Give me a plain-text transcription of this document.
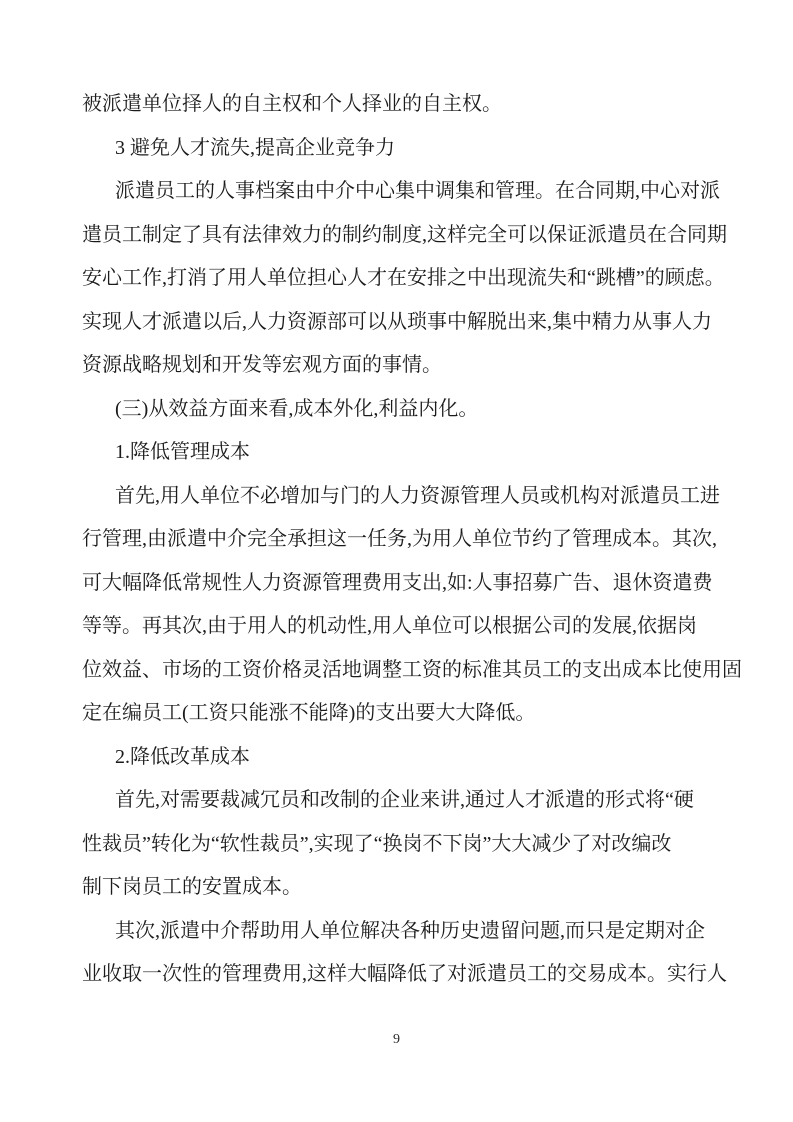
被派遣单位择人的自主权和个人择业的自主权。
3 避免人才流失,提高企业竞争力
派遣员工的人事档案由中介中心集中调集和管理。在合同期,中心对派
遣员工制定了具有法律效力的制约制度,这样完全可以保证派遣员在合同期
安心工作,打消了用人单位担心人才在安排之中出现流失和“跳槽”的顾虑。
实现人才派遣以后,人力资源部可以从琐事中解脱出来,集中精力从事人力
资源战略规划和开发等宏观方面的事情。
(三)从效益方面来看,成本外化,利益内化。
1.降低管理成本
首先,用人单位不必增加与门的人力资源管理人员或机构对派遣员工进
行管理,由派遣中介完全承担这一任务,为用人单位节约了管理成本。其次,
可大幅降低常规性人力资源管理费用支出,如:人事招募广告、退休资遣费
等等。再其次,由于用人的机动性,用人单位可以根据公司的发展,依据岗
位效益、市场的工资价格灵活地调整工资的标准其员工的支出成本比使用固
定在编员工(工资只能涨不能降)的支出要大大降低。
2.降低改革成本
首先,对需要裁减冗员和改制的企业来讲,通过人才派遣的形式将“硬
性裁员”转化为“软性裁员”,实现了“换岗不下岗”大大减少了对改编改
制下岗员工的安置成本。
其次,派遣中介帮助用人单位解决各种历史遗留问题,而只是定期对企
业收取一次性的管理费用,这样大幅降低了对派遣员工的交易成本。实行人
9
